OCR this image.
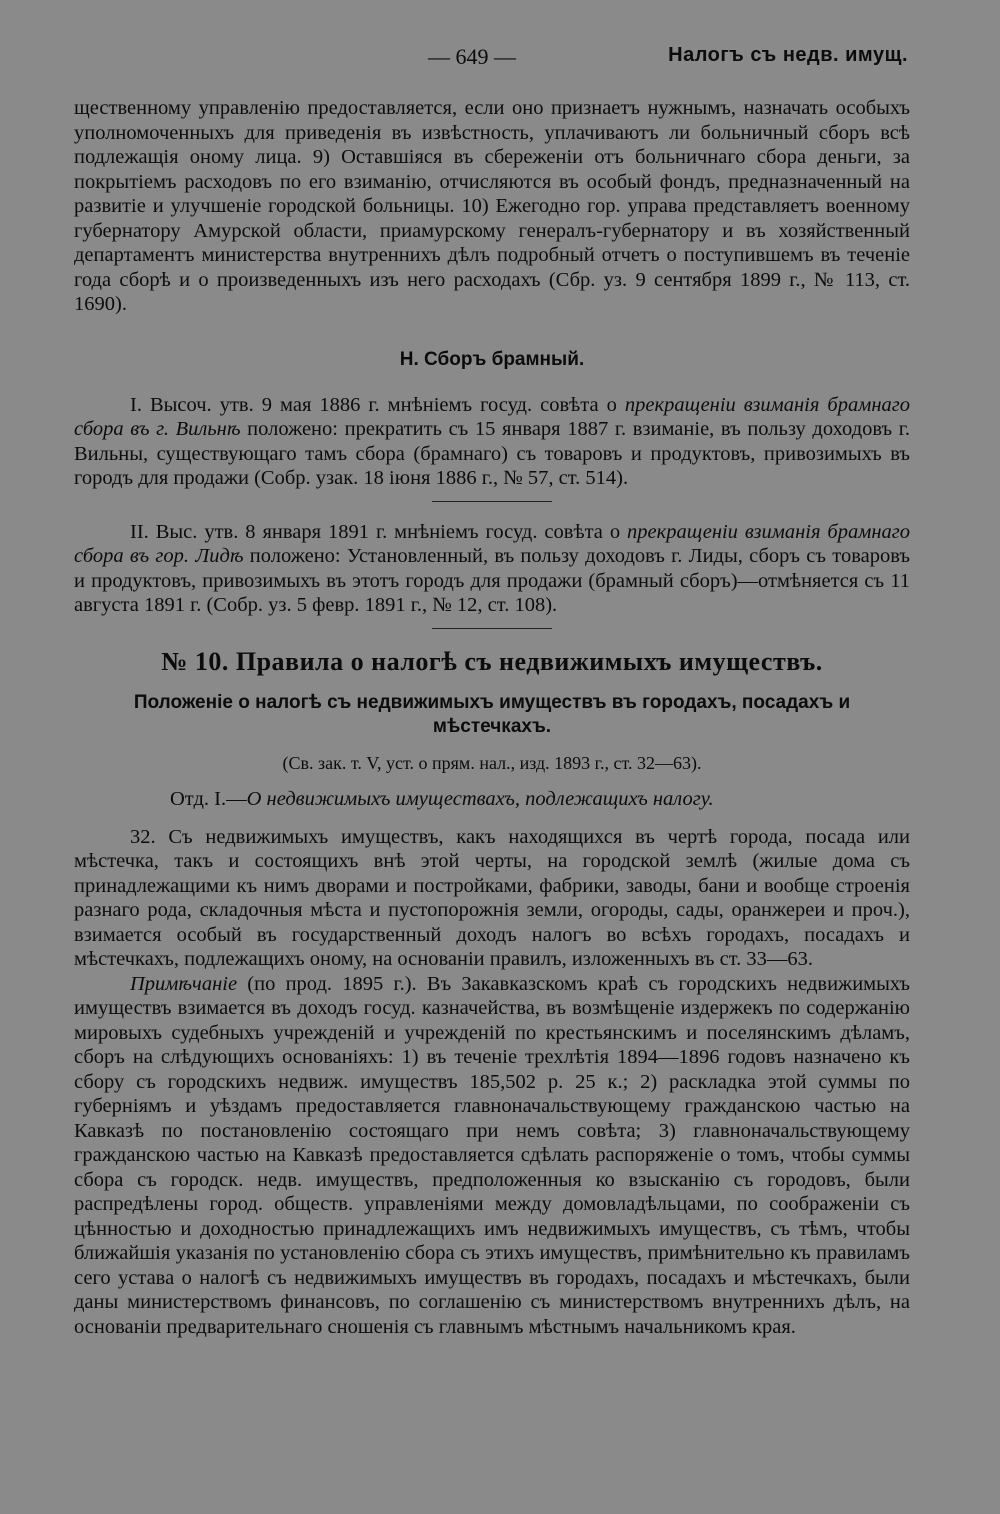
— 649 —	Налогъ съ недв. имущ.

щественному управленію предоставляется, если оно признаетъ нужнымъ, назначать особыхъ уполномоченныхъ для приведенія въ извѣстность, уплачиваютъ ли больничный сборъ всѣ подлежащія оному лица. 9) Оставшіяся въ сбереженіи отъ больничнаго сбора деньги, за покрытіемъ расходовъ по его взиманію, отчисляются въ особый фондъ, предназначенный на развитіе и улучшеніе городской больницы. 10) Ежегодно гор. управа представляетъ военному губернатору Амурской области, приамурскому генералъ-губернатору и въ хозяйственный департаментъ министерства внутреннихъ дѣлъ подробный отчетъ о поступившемъ въ теченіе года сборѣ и о произведенныхъ изъ него расходахъ (Сбр. уз. 9 сентября 1899 г., № 113, ст. 1690).

Н. Сборъ брамный.

I. Высоч. утв. 9 мая 1886 г. мнѣніемъ госуд. совѣта о прекращеніи взиманія брамнаго сбора въ г. Вильнѣ положено: прекратить съ 15 января 1887 г. взиманіе, въ пользу доходовъ г. Вильны, существующаго тамъ сбора (брамнаго) съ товаровъ и продуктовъ, привозимыхъ въ городъ для продажи (Собр. узак. 18 іюня 1886 г., № 57, ст. 514).

II. Выс. утв. 8 января 1891 г. мнѣніемъ госуд. совѣта о прекращеніи взиманія брамнаго сбора въ гор. Лидѣ положено: Установленный, въ пользу доходовъ г. Лиды, сборъ съ товаровъ и продуктовъ, привозимыхъ въ этотъ городъ для продажи (брамный сборъ)—отмѣняется съ 11 августа 1891 г. (Собр. уз. 5 февр. 1891 г., № 12, ст. 108).

№ 10. Правила о налогѣ съ недвижимыхъ имуществъ.
Положеніе о налогѣ съ недвижимыхъ имуществъ въ городахъ, посадахъ и мѣстечкахъ.
(Св. зак. т. V, уст. о прям. нал., изд. 1893 г., ст. 32—63).
Отд. I.—О недвижимыхъ имуществахъ, подлежащихъ налогу.

32. Съ недвижимыхъ имуществъ, какъ находящихся въ чертѣ города, посада или мѣстечка, такъ и состоящихъ внѣ этой черты, на городской землѣ (жилые дома съ принадлежащими къ нимъ дворами и постройками, фабрики, заводы, бани и вообще строенія разнаго рода, складочныя мѣста и пустопорожнія земли, огороды, сады, оранжереи и проч.), взимается особый въ государственный доходъ налогъ во всѣхъ городахъ, посадахъ и мѣстечкахъ, подлежащихъ оному, на основаніи правилъ, изложенныхъ въ ст. 33—63.

Примѣчаніе (по прод. 1895 г.). Въ Закавказскомъ краѣ съ городскихъ недвижимыхъ имуществъ взимается въ доходъ госуд. казначейства, въ возмѣщеніе издержекъ по содержанію мировыхъ судебныхъ учрежденій и учрежденій по крестьянскимъ и поселянскимъ дѣламъ, сборъ на слѣдующихъ основаніяхъ: 1) въ теченіе трехлѣтія 1894—1896 годовъ назначено къ сбору съ городскихъ недвиж. имуществъ 185,502 р. 25 к.; 2) раскладка этой суммы по губерніямъ и уѣздамъ предоставляется главноначальствующему гражданскою частью на Кавказѣ по постановленію состоящаго при немъ совѣта; 3) главноначальствующему гражданскою частью на Кавказѣ предоставляется сдѣлать распоряженіе о томъ, чтобы суммы сбора съ городск. недв. имуществъ, предположенныя ко взысканію съ городовъ, были распредѣлены город. обществ. управленіями между домовладѣльцами, по соображеніи съ цѣнностью и доходностью принадлежащихъ имъ недвижимыхъ имуществъ, съ тѣмъ, чтобы ближайшія указанія по установленію сбора съ этихъ имуществъ, примѣнительно къ правиламъ сего устава о налогѣ съ недвижимыхъ имуществъ въ городахъ, посадахъ и мѣстечкахъ, были даны министерствомъ финансовъ, по соглашенію съ министерствомъ внутреннихъ дѣлъ, на основаніи предварительнаго сношенія съ главнымъ мѣстнымъ начальникомъ края.
